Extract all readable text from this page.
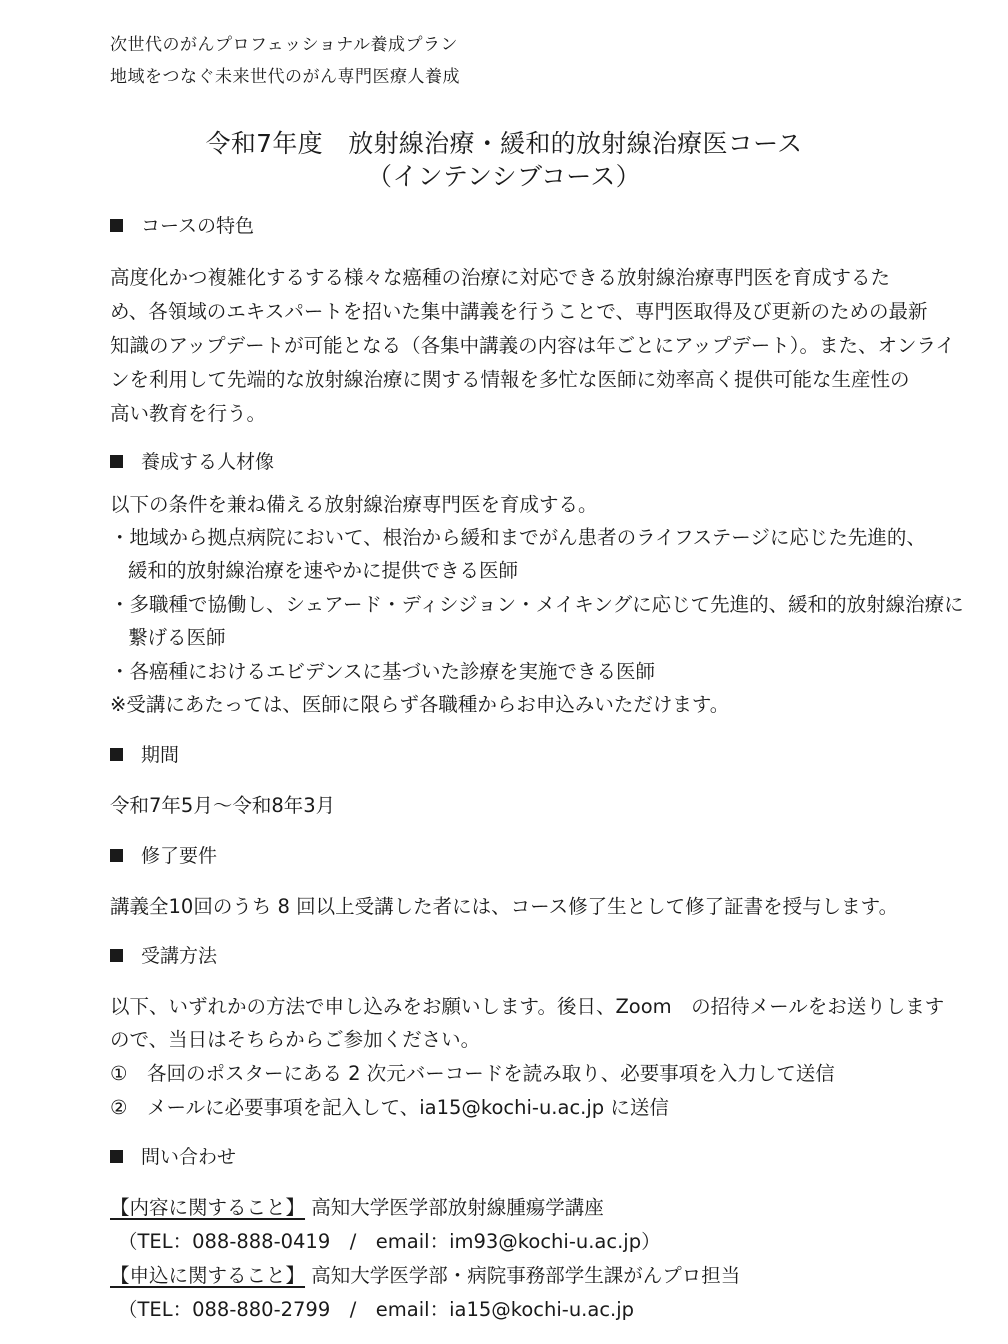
次世代のがんプロフェッショナル養成プラン

地域をつなぐ未来世代のがん専門医療人養成

令和7年度　放射線治療・緩和的放射線治療医コース

（インテンシブコース）

コースの特色

高度化かつ複雑化するする様々な癌種の治療に対応できる放射線治療専門医を育成するた

め、各領域のエキスパートを招いた集中講義を行うことで、専門医取得及び更新のための最新

知識のアップデートが可能となる（各集中講義の内容は年ごとにアップデート）。また、オンライ

ンを利用して先端的な放射線治療に関する情報を多忙な医師に効率高く提供可能な生産性の

高い教育を行う。

養成する人材像

以下の条件を兼ね備える放射線治療専門医を育成する。

・地域から拠点病院において、根治から緩和までがん患者のライフステージに応じた先進的、

緩和的放射線治療を速やかに提供できる医師

・多職種で協働し、シェアード・ディシジョン・メイキングに応じて先進的、緩和的放射線治療に

繋げる医師

・各癌種におけるエビデンスに基づいた診療を実施できる医師

※受講にあたっては、医師に限らず各職種からお申込みいただけます。

期間

令和7年5月～令和8年3月

修了要件

講義全10回のうち 8 回以上受講した者には、コース修了生として修了証書を授与します。

受講方法

以下、いずれかの方法で申し込みをお願いします。後日、Zoom　の招待メールをお送りします

ので、当日はそちらからご参加ください。

①　各回のポスターにある 2 次元バーコードを読み取り、必要事項を入力して送信

②　メールに必要事項を記入して、ia15@kochi-u.ac.jp に送信

問い合わせ

【内容に関すること】 高知大学医学部放射線腫瘍学講座

（TEL：088-888-0419　/　email：im93@kochi-u.ac.jp）

【申込に関すること】 高知大学医学部・病院事務部学生課がんプロ担当

（TEL：088-880-2799　/　email：ia15@kochi-u.ac.jp
